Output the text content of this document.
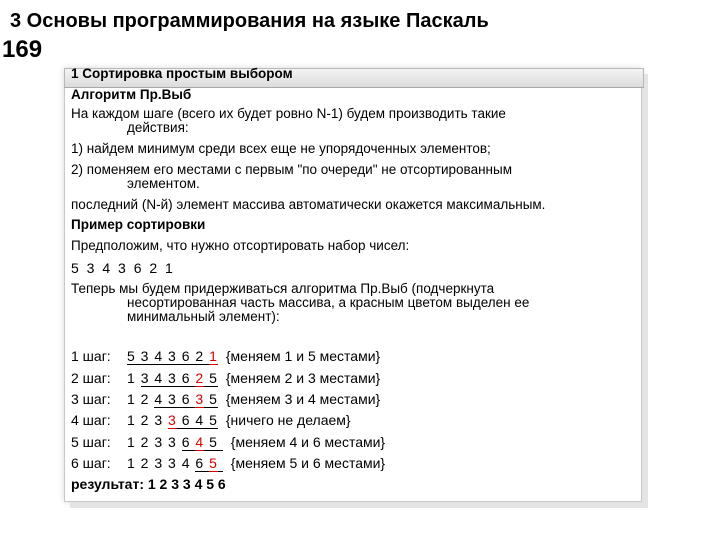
3 Основы программирования на языке Паскаль
169
1 Сортировка простым выбором
Алгоритм Пр.Выб
На каждом шаге (всего их будет ровно N-1) будем производить такие
действия:
1) найдем минимум среди всех еще не упорядоченных элементов;
2) поменяем его местами с первым "по очереди" не отсортированным
элементом.
последний (N-й) элемент массива автоматически окажется максимальным.
Пример сортировки
Предположим, что нужно отсортировать набор чисел:
5 3 4 3 6 2 1
Теперь мы будем придерживаться алгоритма Пр.Выб (подчеркнута
несортированная часть массива, а красным цветом выделен ее
минимальный элемент):
1 шаг: 5 3 4 3 6 2 1 {меняем 1 и 5 местами}
2 шаг: 1 3 4 3 6 2 5 {меняем 2 и 3 местами}
3 шаг: 1 2 4 3 6 3 5 {меняем 3 и 4 местами}
4 шаг: 1 2 3 3 6 4 5 {ничего не делаем}
5 шаг: 1 2 3 3 6 4 5 {меняем 4 и 6 местами}
6 шаг: 1 2 3 3 4 6 5 {меняем 5 и 6 местами}
результат: 1 2 3 3 4 5 6
